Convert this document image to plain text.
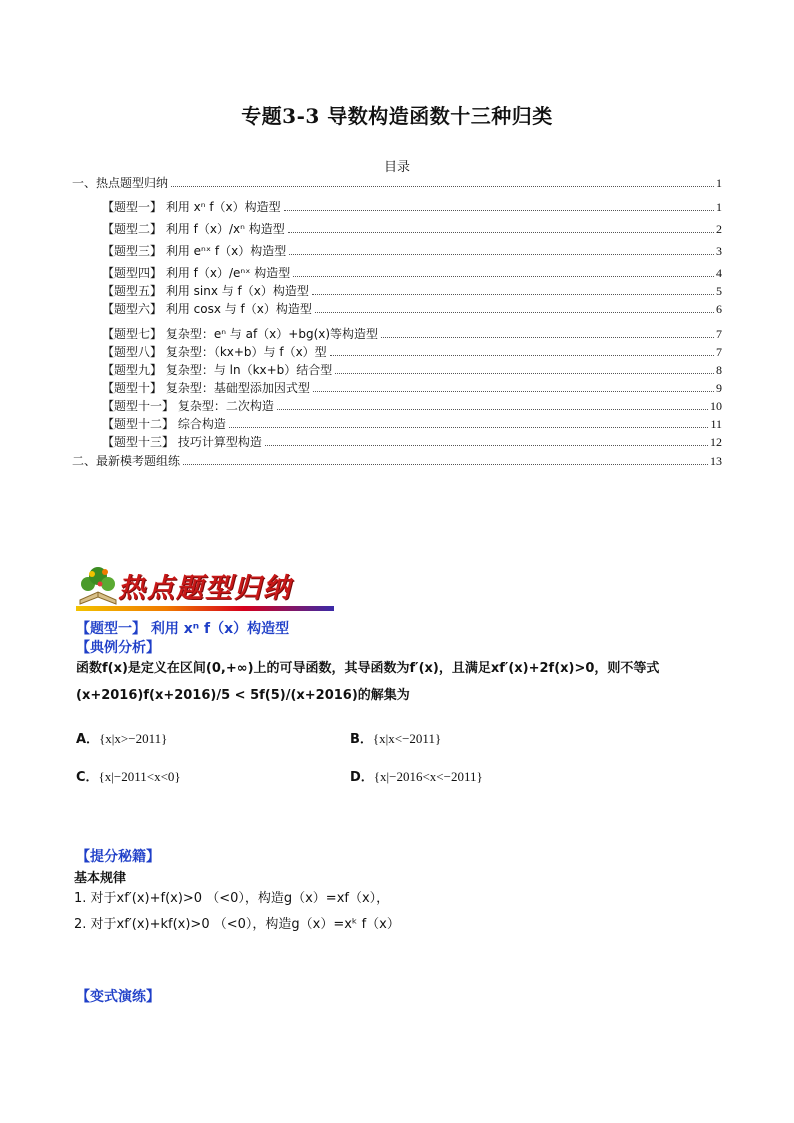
专题3-3 导数构造函数十三种归类
目录
一、热点题型归纳	1
【题型一】 利用 xⁿ f（x）构造型	1
【题型二】 利用 f（x）/xⁿ 构造型	2
【题型三】 利用 eⁿˣ f（x）构造型	3
【题型四】 利用 f（x）/eⁿˣ 构造型	4
【题型五】 利用 sinx 与 f（x）构造型	5
【题型六】 利用 cosx 与 f（x）构造型	6
【题型七】 复杂型：eⁿ 与 af（x）+bg(x)等构造型	7
【题型八】 复杂型：（kx+b）与 f（x）型	7
【题型九】 复杂型：与 ln（kx+b）结合型	8
【题型十】 复杂型：基础型添加因式型	9
【题型十一】 复杂型：二次构造	10
【题型十二】 综合构造	11
【题型十三】 技巧计算型构造	12
二、最新模考题组练	13
热点题型归纳
【题型一】 利用 xⁿ f（x）构造型
【典例分析】
函数f(x)是定义在区间(0,+∞)上的可导函数，其导函数为f′(x)，且满足xf′(x)+2f(x)>0，则不等式
(x+2016)f(x+2016)/5 < 5f(5)/(x+2016)的解集为
A．{x|x>−2011}	B．{x|x<−2011}
C．{x|−2011<x<0}	D．{x|−2016<x<−2011}
【提分秘籍】
基本规律
1. 对于xf′(x)+f(x)>0 （<0），构造g（x）=xf（x），
2. 对于xf′(x)+kf(x)>0 （<0），构造g（x）=xᵏ f（x）
【变式演练】
